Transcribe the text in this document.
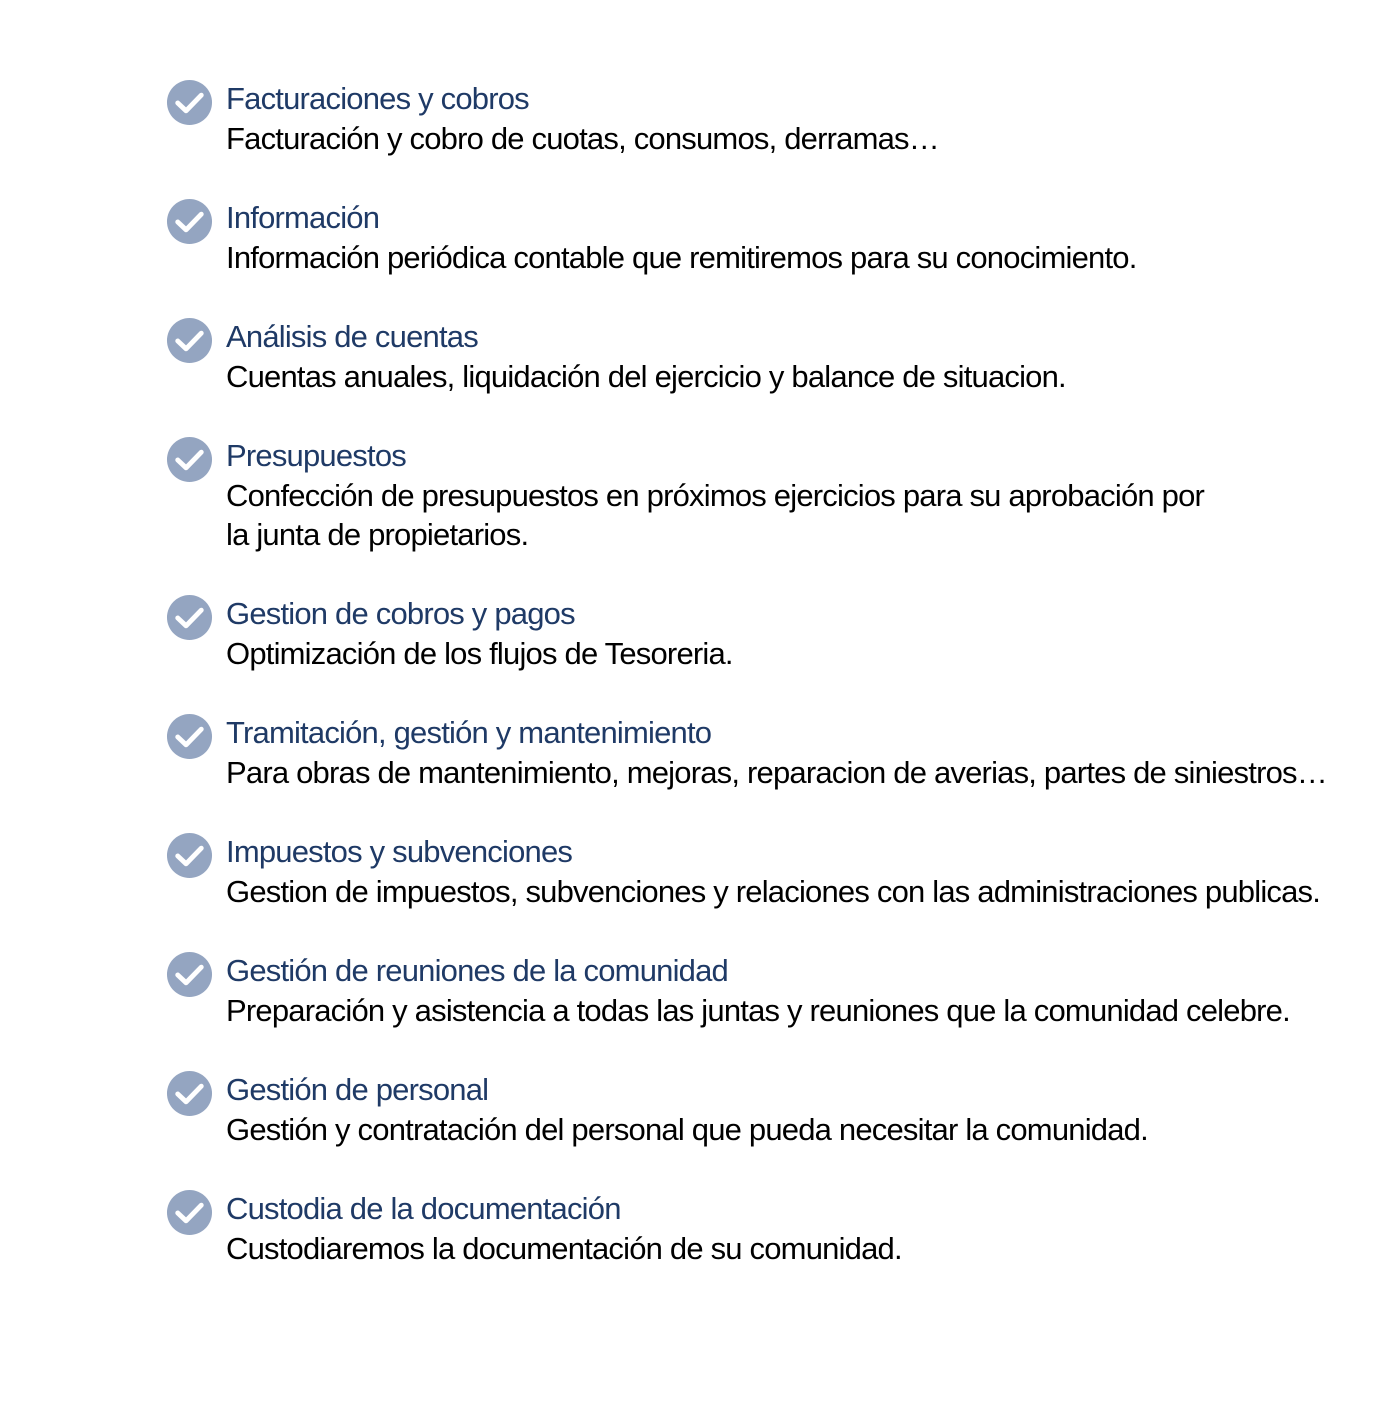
Facturaciones y cobros
Facturación y cobro de cuotas, consumos, derramas…
Información
Información periódica contable que remitiremos para su conocimiento.
Análisis de cuentas
Cuentas anuales, liquidación del ejercicio y balance de situacion.
Presupuestos
Confección de presupuestos en próximos ejercicios para su aprobación por
la junta de propietarios.
Gestion de cobros y pagos
Optimización de los flujos de Tesoreria.
Tramitación, gestión y mantenimiento
Para obras de mantenimiento, mejoras, reparacion de averias, partes de siniestros…
Impuestos y subvenciones
Gestion de impuestos, subvenciones y relaciones con las administraciones publicas.
Gestión de reuniones de la comunidad
Preparación y asistencia a todas las juntas y reuniones que la comunidad celebre.
Gestión de personal
Gestión y contratación del personal que pueda necesitar la comunidad.
Custodia de la documentación
Custodiaremos la documentación de su comunidad.
